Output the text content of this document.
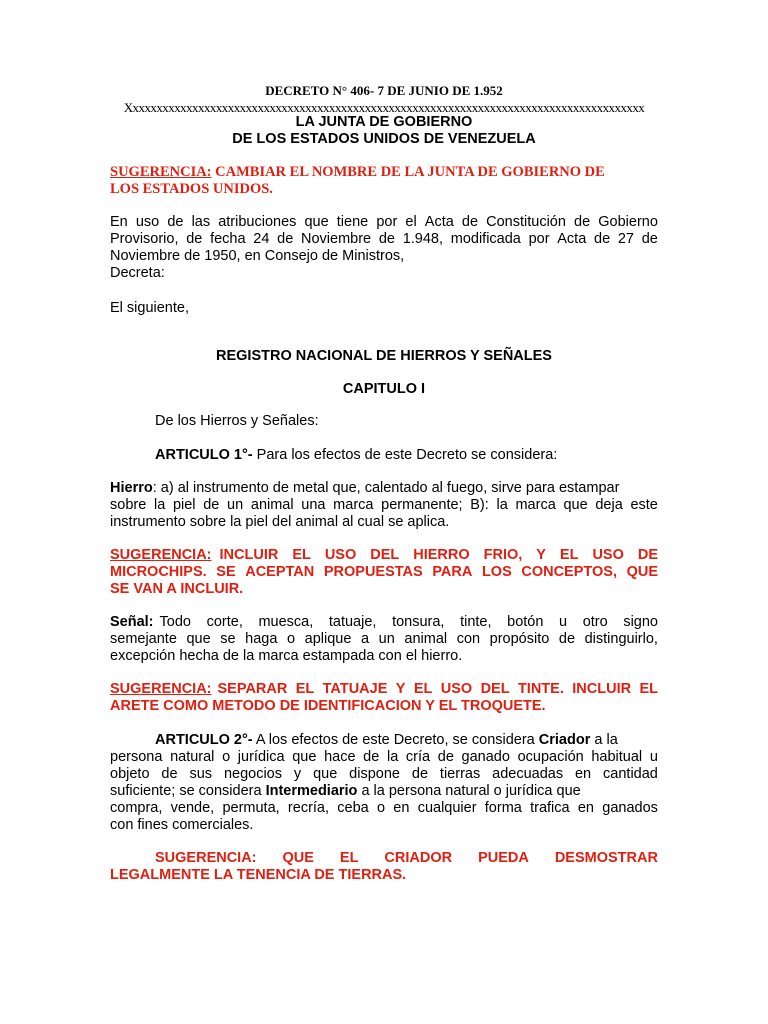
DECRETO N° 406- 7 DE JUNIO DE 1.952
Xxxxxxxxxxxxxxxxxxxxxxxxxxxxxxxxxxxxxxxxxxxxxxxxxxxxxxxxxxxxxxxxxxxxxxxxxxxxxxxxxxxxxxx
LA JUNTA DE GOBIERNO
DE LOS ESTADOS UNIDOS DE VENEZUELA
SUGERENCIA: CAMBIAR EL NOMBRE DE LA JUNTA DE GOBIERNO DE
LOS ESTADOS UNIDOS.
En uso de las atribuciones que tiene por el Acta de Constitución de Gobierno
Provisorio, de fecha 24 de Noviembre de 1.948, modificada por Acta de 27 de
Noviembre de 1950, en Consejo de Ministros,
Decreta:
El siguiente,
REGISTRO NACIONAL DE HIERROS Y SEÑALES
CAPITULO I
De los Hierros y Señales:
ARTICULO 1°- Para los efectos de este Decreto se considera:
Hierro: a) al instrumento de metal que, calentado al fuego, sirve para estampar
sobre la piel de un animal una marca permanente; B): la marca que deja este
instrumento sobre la piel del animal al cual se aplica.
SUGERENCIA: INCLUIR EL USO DEL HIERRO FRIO, Y EL USO DE
MICROCHIPS. SE ACEPTAN PROPUESTAS PARA LOS CONCEPTOS, QUE
SE VAN A INCLUIR.
Señal: Todo corte, muesca, tatuaje, tonsura, tinte, botón u otro signo
semejante que se haga o aplique a un animal con propósito de distinguirlo,
excepción hecha de la marca estampada con el hierro.
SUGERENCIA: SEPARAR EL TATUAJE Y EL USO DEL TINTE. INCLUIR EL
ARETE COMO METODO DE IDENTIFICACION Y EL TROQUETE.
ARTICULO 2°- A los efectos de este Decreto, se considera Criador a la
persona natural o jurídica que hace de la cría de ganado ocupación habitual u
objeto de sus negocios y que dispone de tierras adecuadas en cantidad
suficiente; se considera Intermediario a la persona natural o jurídica que
compra, vende, permuta, recría, ceba o en cualquier forma trafica en ganados
con fines comerciales.
SUGERENCIA: QUE EL CRIADOR PUEDA DESMOSTRAR
LEGALMENTE LA TENENCIA DE TIERRAS.
